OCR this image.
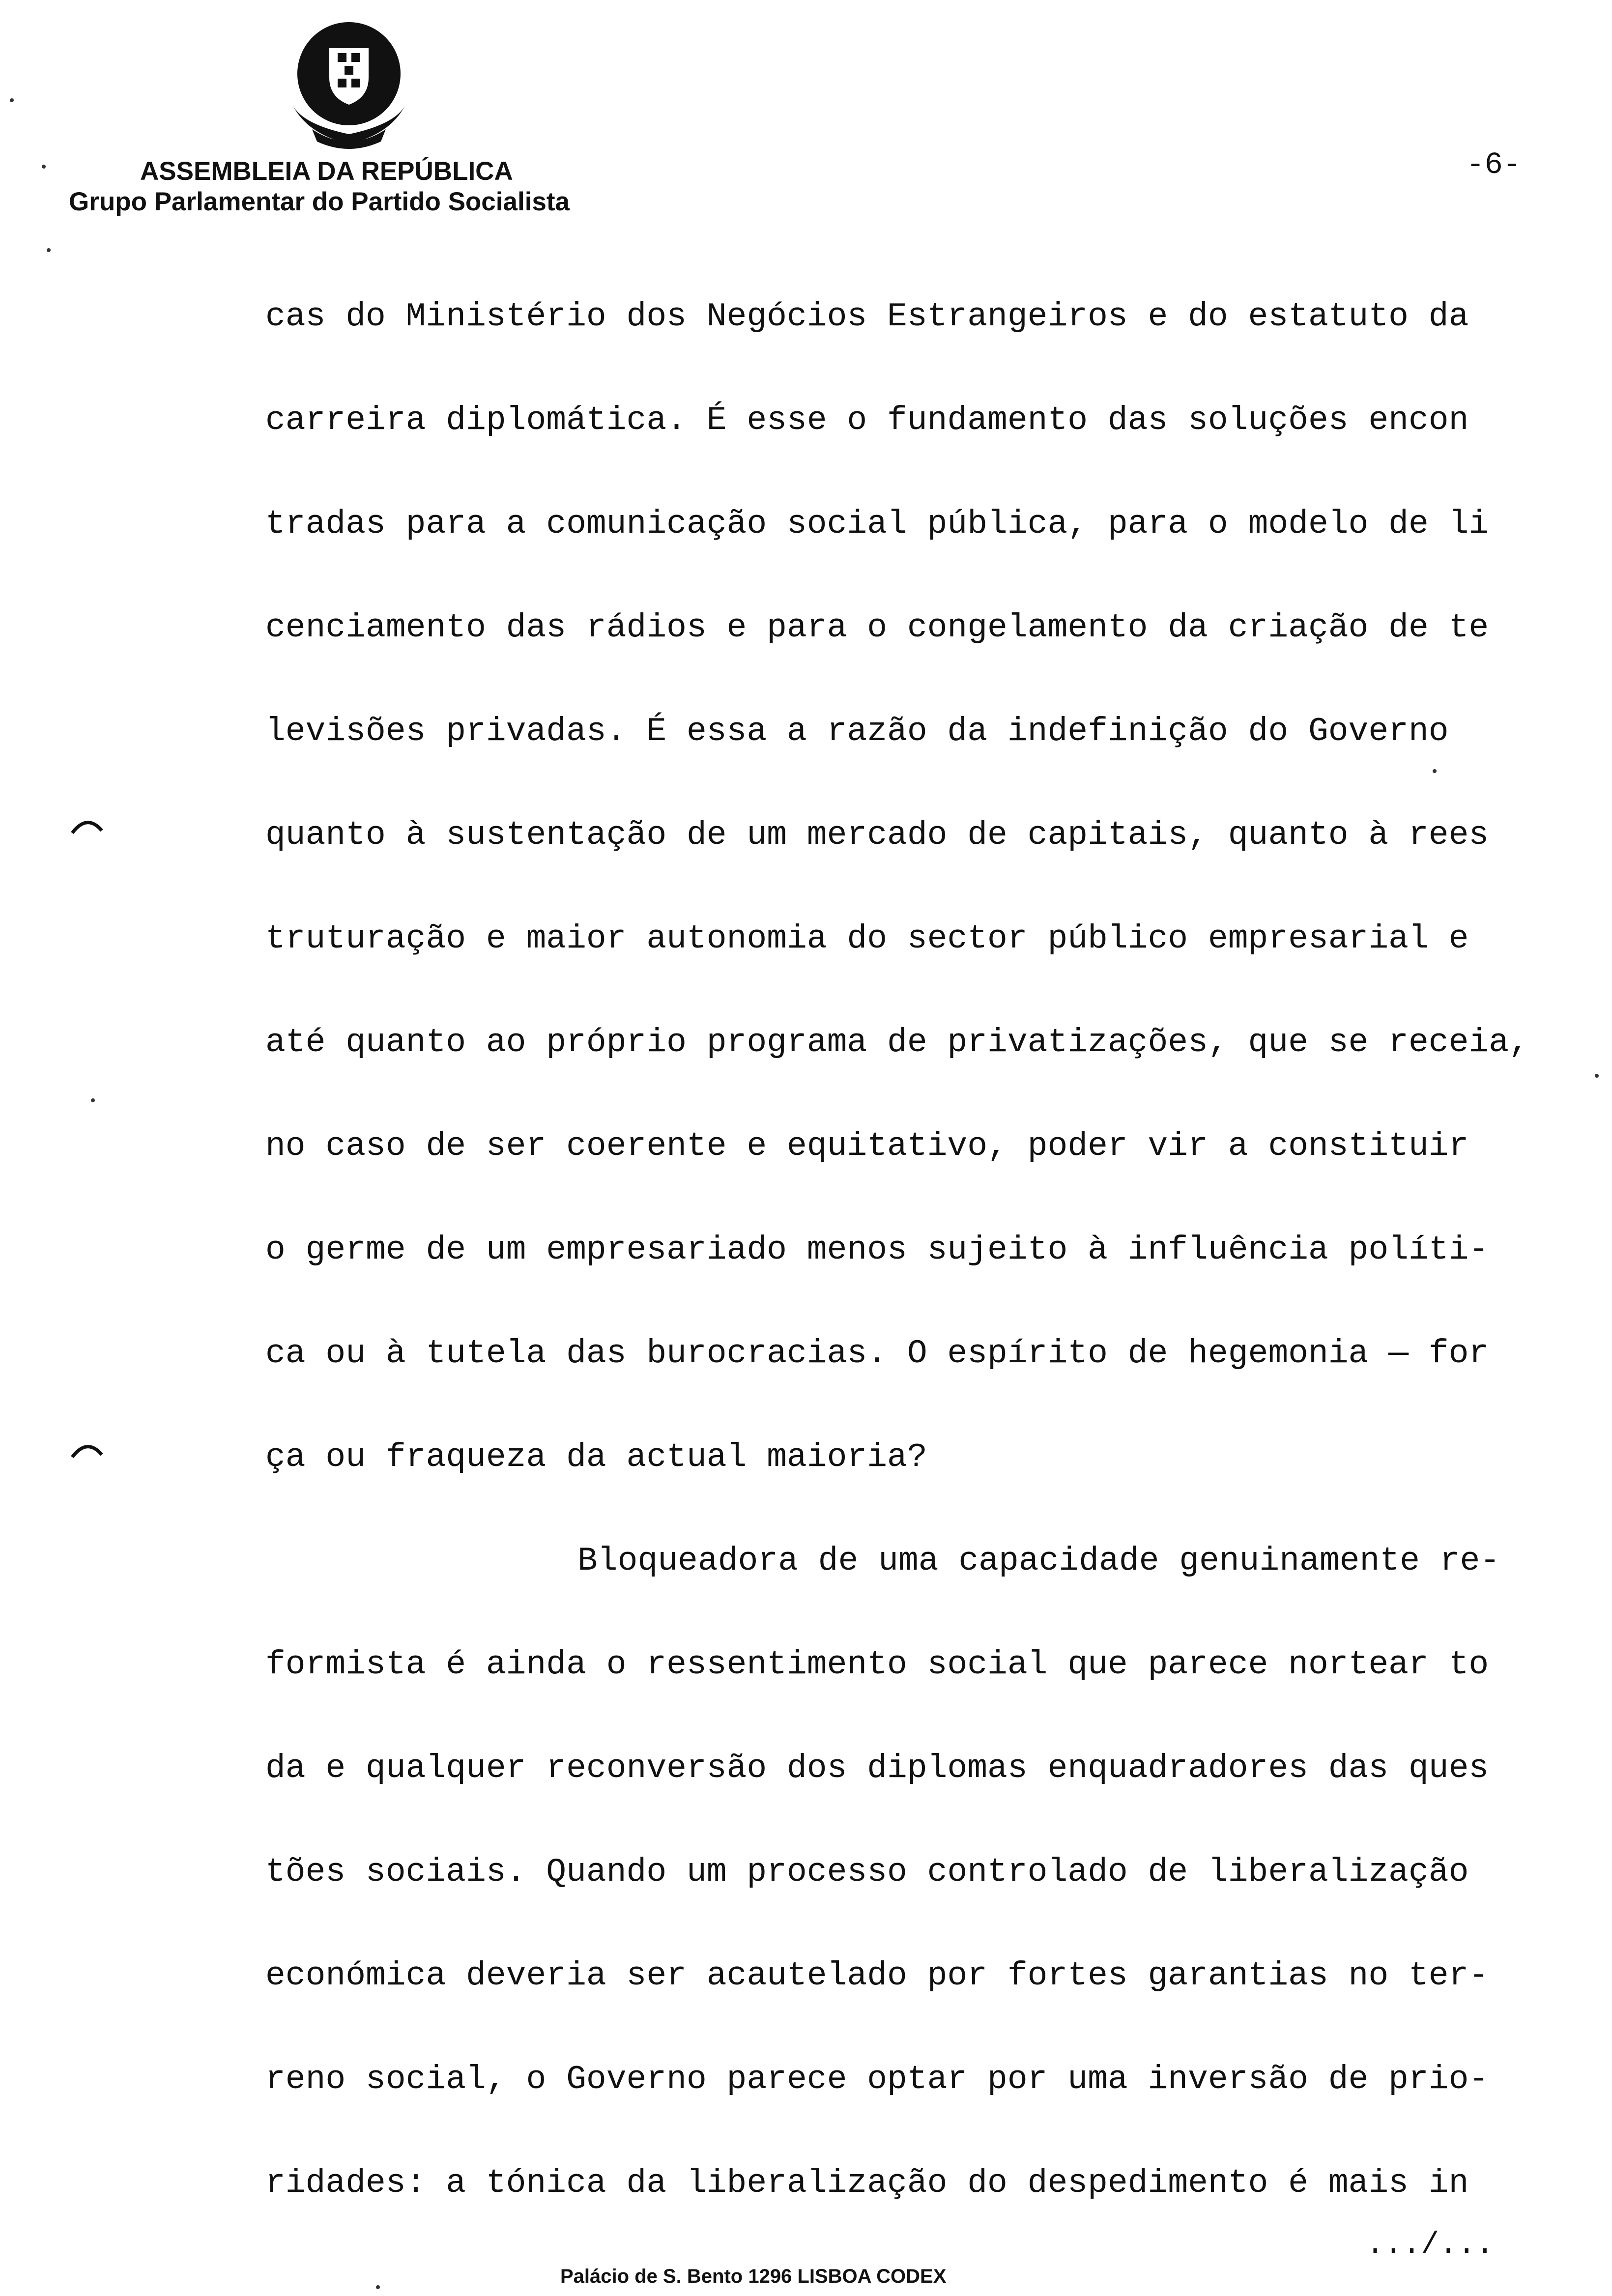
ASSEMBLEIA DA REPÚBLICA
Grupo Parlamentar do Partido Socialista
-6-
cas do Ministério dos Negócios Estrangeiros e do estatuto da
carreira diplomática. É esse o fundamento das soluções encon
tradas para a comunicação social pública, para o modelo de li
cenciamento das rádios e para o congelamento da criação de te
levisões privadas. É essa a razão da indefinição do Governo
quanto à sustentação de um mercado de capitais, quanto à rees
truturação e maior autonomia do sector público empresarial e
até quanto ao próprio programa de privatizações, que se receia,
no caso de ser coerente e equitativo, poder vir a constituir
o germe de um empresariado menos sujeito à influência políti-
ca ou à tutela das burocracias. O espírito de hegemonia — for
ça ou fraqueza da actual maioria?
Bloqueadora de uma capacidade genuinamente re-
formista é ainda o ressentimento social que parece nortear to
da e qualquer reconversão dos diplomas enquadradores das ques
tões sociais. Quando um processo controlado de liberalização
económica deveria ser acautelado por fortes garantias no ter-
reno social, o Governo parece optar por uma inversão de prio-
ridades: a tónica da liberalização do despedimento é mais in
.../...
Palácio de S. Bento 1296 LISBOA CODEX
